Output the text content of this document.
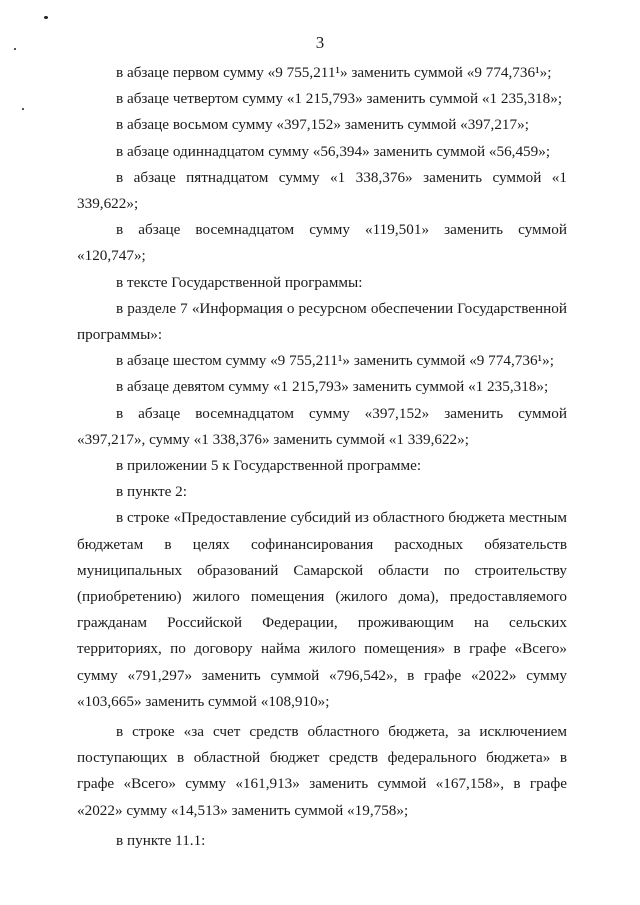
3

в абзаце первом сумму «9 755,211¹» заменить суммой «9 774,736¹»;

в абзаце четвертом сумму «1 215,793» заменить суммой «1 235,318»;

в абзаце восьмом сумму «397,152» заменить суммой «397,217»;

в абзаце одиннадцатом сумму «56,394» заменить суммой «56,459»;

в абзаце пятнадцатом сумму «1 338,376» заменить суммой «1 339,622»;

в абзаце восемнадцатом сумму «119,501» заменить суммой «120,747»;

в тексте Государственной программы:

в разделе 7 «Информация о ресурсном обеспечении Государственной программы»:

в абзаце шестом сумму «9 755,211¹» заменить суммой «9 774,736¹»;

в абзаце девятом сумму «1 215,793» заменить суммой «1 235,318»;

в абзаце восемнадцатом сумму «397,152» заменить суммой «397,217», сумму «1 338,376» заменить суммой «1 339,622»;

в приложении 5 к Государственной программе:

в пункте 2:

в строке «Предоставление субсидий из областного бюджета местным бюджетам в целях софинансирования расходных обязательств муниципальных образований Самарской области по строительству (приобретению) жилого помещения (жилого дома), предоставляемого гражданам Российской Федерации, проживающим на сельских территориях, по договору найма жилого помещения» в графе «Всего» сумму «791,297» заменить суммой «796,542», в графе «2022» сумму «103,665» заменить суммой «108,910»;

в строке «за счет средств областного бюджета, за исключением поступающих в областной бюджет средств федерального бюджета» в графе «Всего» сумму «161,913» заменить суммой «167,158», в графе «2022» сумму «14,513» заменить суммой «19,758»;

в пункте 11.1:
